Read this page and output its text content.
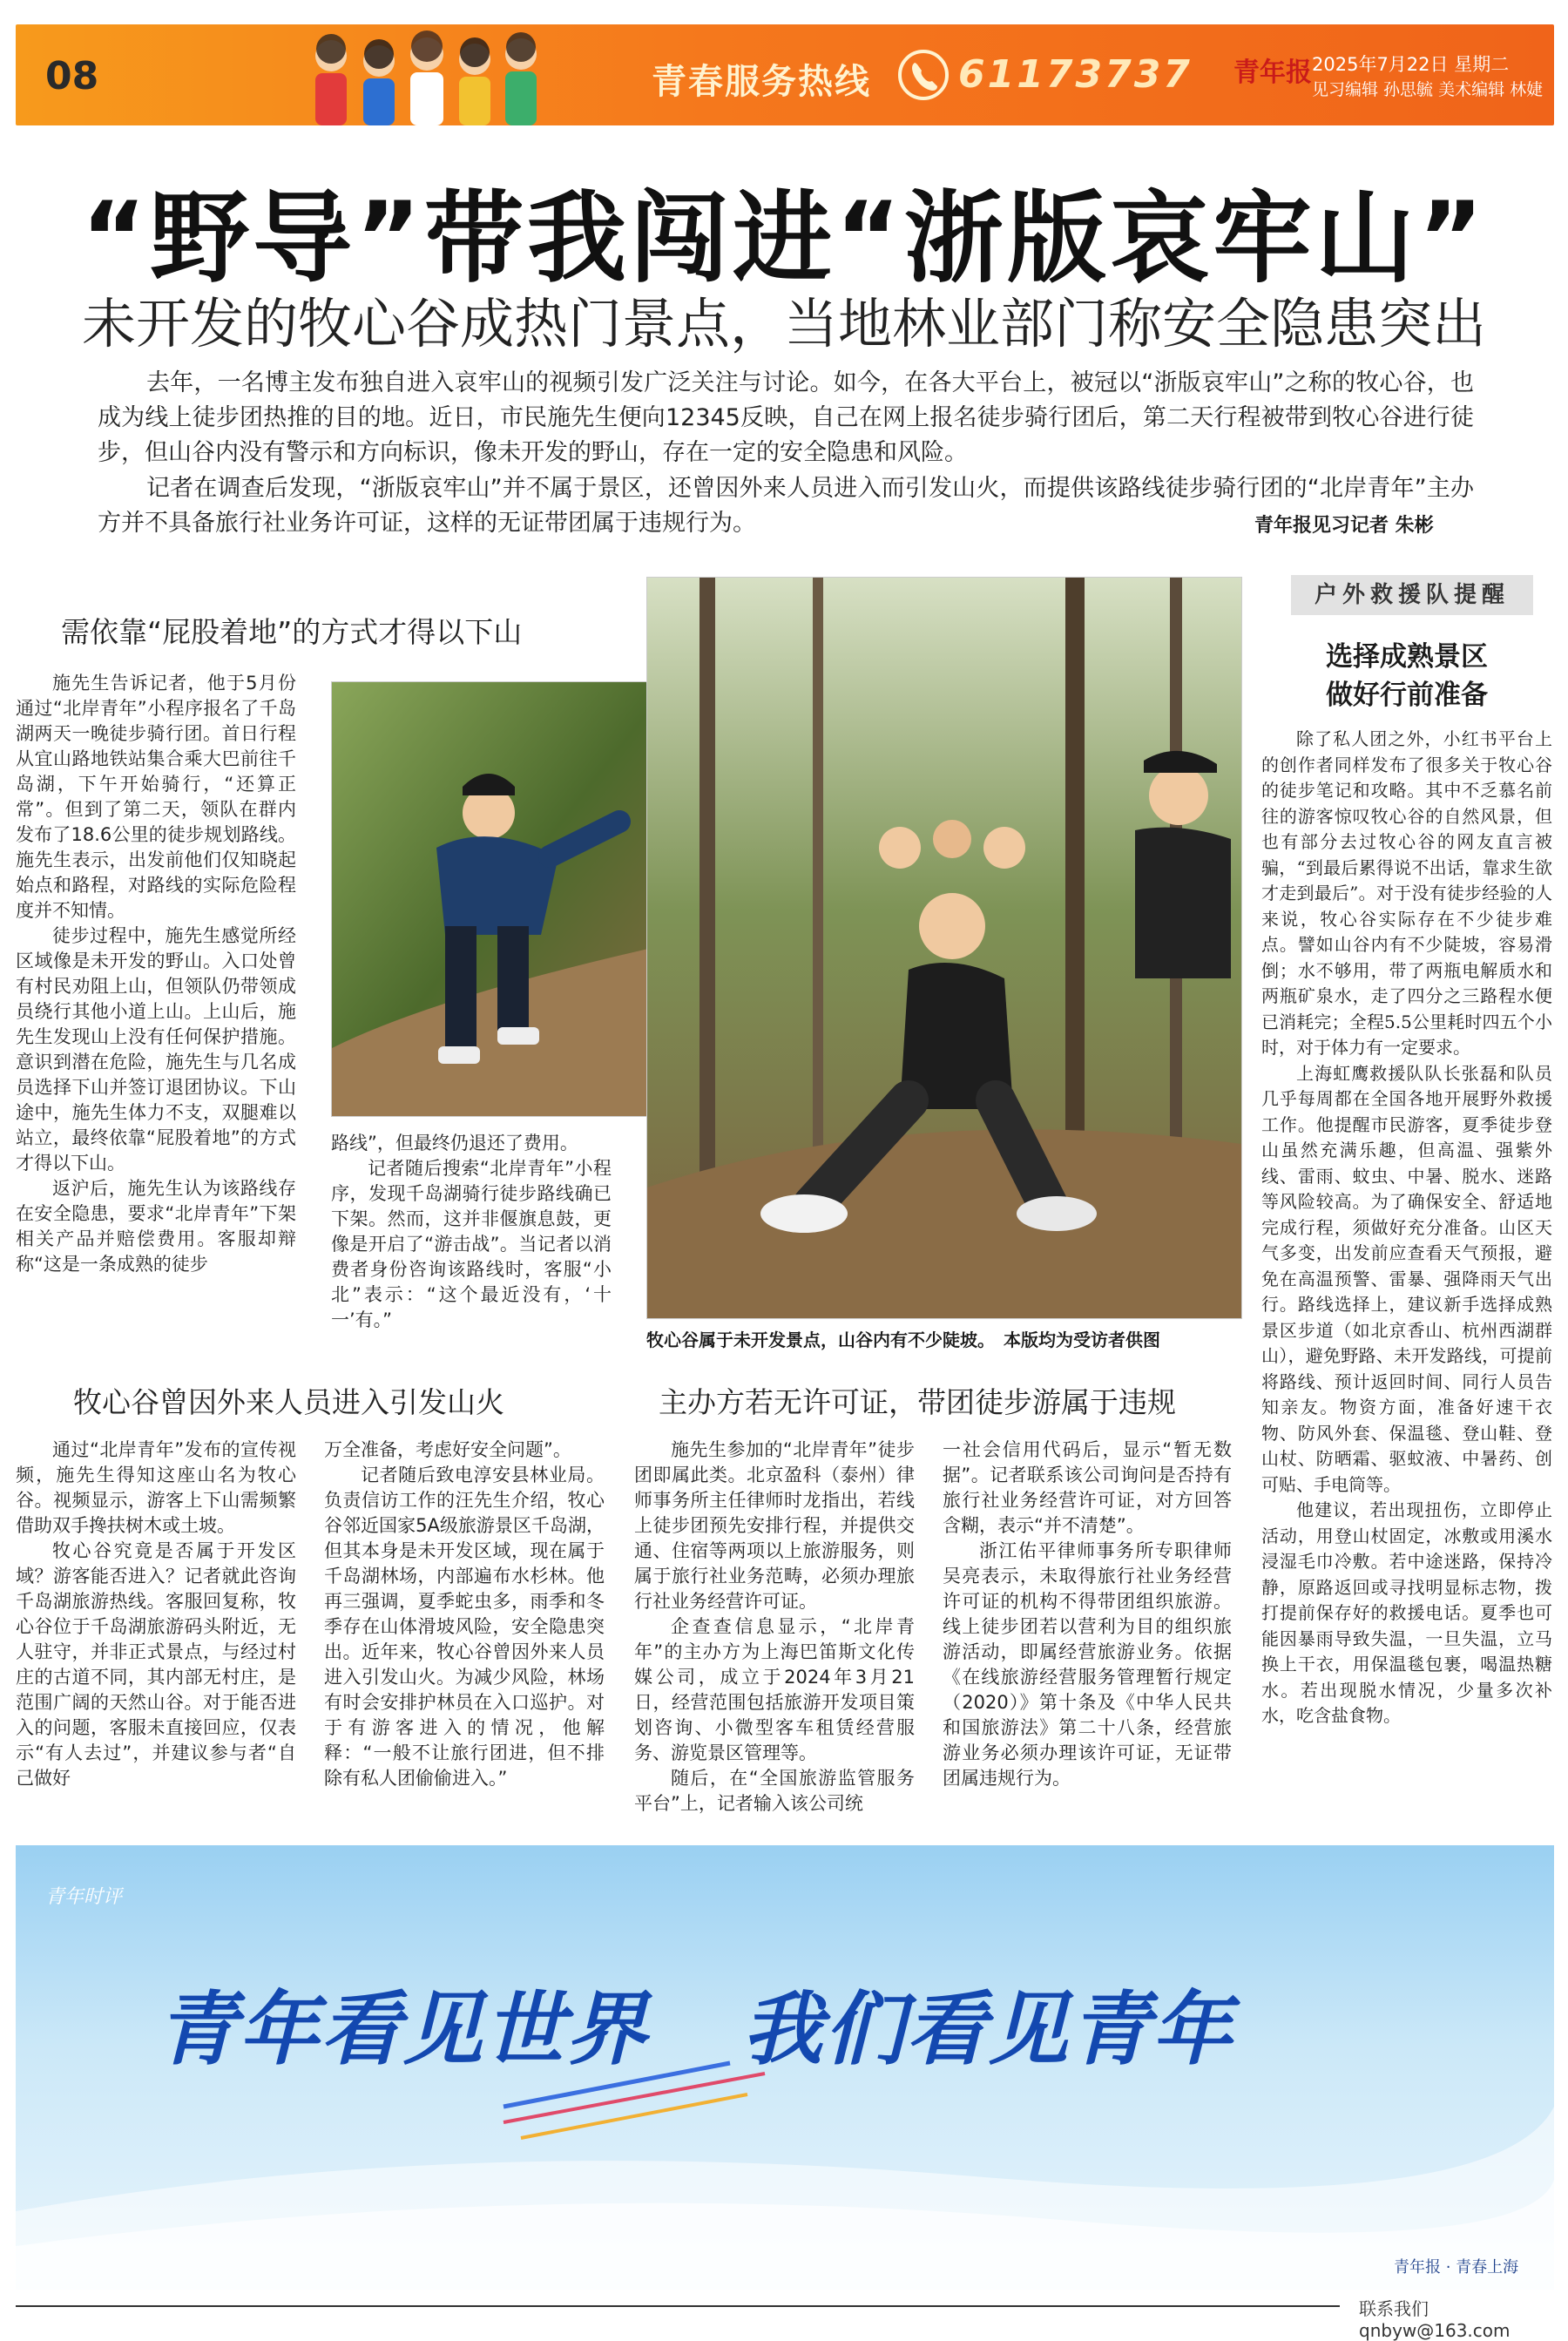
08	青春服务热线 61173737 青年报 2025年7月22日 星期二
见习编辑 孙思毓 美术编辑 林婕
“野导”带我闯进“浙版哀牢山”
未开发的牧心谷成热门景点，当地林业部门称安全隐患突出
去年，一名博主发布独自进入哀牢山的视频引发广泛关注与讨论。如今，在各大平台上，被冠以“浙版哀牢山”之称的牧心谷，也成为线上徒步团热推的目的地。近日，市民施先生便向12345反映，自己在网上报名徒步骑行团后，第二天行程被带到牧心谷进行徒步，但山谷内没有警示和方向标识，像未开发的野山，存在一定的安全隐患和风险。
记者在调查后发现，“浙版哀牢山”并不属于景区，还曾因外来人员进入而引发山火，而提供该路线徒步骑行团的“北岸青年”主办方并不具备旅行社业务许可证，这样的无证带团属于违规行为。	青年报见习记者 朱彬
需依靠“屁股着地”的方式才得以下山

施先生告诉记者，他于5月份通过“北岸青年”小程序报名了千岛湖两天一晚徒步骑行团。首日行程从宜山路地铁站集合乘大巴前往千岛湖，下午开始骑行，“还算正常”。但到了第二天，领队在群内发布了18.6公里的徒步规划路线。施先生表示，出发前他们仅知晓起始点和路程，对路线的实际危险程度并不知情。

徒步过程中，施先生感觉所经区域像是未开发的野山。入口处曾有村民劝阻上山，但领队仍带领成员绕行其他小道上山。上山后，施先生发现山上没有任何保护措施。意识到潜在危险，施先生与几名成员选择下山并签订退团协议。下山途中，施先生体力不支，双腿难以站立，最终依靠“屁股着地”的方式才得以下山。

返沪后，施先生认为该路线存在安全隐患，要求“北岸青年”下架相关产品并赔偿费用。客服却辩称“这是一条成熟的徒步

路线”，但最终仍退还了费用。

记者随后搜索“北岸青年”小程序，发现千岛湖骑行徒步路线确已下架。然而，这并非偃旗息鼓，更像是开启了“游击战”。当记者以消费者身份咨询该路线时，客服“小北”表示：“这个最近没有，‘十一’有。”

牧心谷属于未开发景点，山谷内有不少陡坡。　本版均为受访者供图
牧心谷曾因外来人员进入引发山火

通过“北岸青年”发布的宣传视频，施先生得知这座山名为牧心谷。视频显示，游客上下山需频繁借助双手搀扶树木或土坡。

牧心谷究竟是否属于开发区域？游客能否进入？记者就此咨询千岛湖旅游热线。客服回复称，牧心谷位于千岛湖旅游码头附近，无人驻守，并非正式景点，与经过村庄的古道不同，其内部无村庄，是范围广阔的天然山谷。对于能否进入的问题，客服未直接回应，仅表示“有人去过”，并建议参与者“自己做好

万全准备，考虑好安全问题”。

记者随后致电淳安县林业局。负责信访工作的汪先生介绍，牧心谷邻近国家5A级旅游景区千岛湖，但其本身是未开发区域，现在属于千岛湖林场，内部遍布水杉林。他再三强调，夏季蛇虫多，雨季和冬季存在山体滑坡风险，安全隐患突出。近年来，牧心谷曾因外来人员进入引发山火。为减少风险，林场有时会安排护林员在入口巡护。对于有游客进入的情况，他解释：“一般不让旅行团进，但不排除有私人团偷偷进入。”

主办方若无许可证，带团徒步游属于违规

施先生参加的“北岸青年”徒步团即属此类。北京盈科（泰州）律师事务所主任律师时龙指出，若线上徒步团预先安排行程，并提供交通、住宿等两项以上旅游服务，则属于旅行社业务范畴，必须办理旅行社业务经营许可证。

企查查信息显示，“北岸青年”的主办方为上海巴笛斯文化传媒公司，成立于2024年3月21日，经营范围包括旅游开发项目策划咨询、小微型客车租赁经营服务、游览景区管理等。

随后，在“全国旅游监管服务平台”上，记者输入该公司统

一社会信用代码后，显示“暂无数据”。记者联系该公司询问是否持有旅行社业务经营许可证，对方回答含糊，表示“并不清楚”。

浙江佑平律师事务所专职律师吴亮表示，未取得旅行社业务经营许可证的机构不得带团组织旅游。线上徒步团若以营利为目的组织旅游活动，即属经营旅游业务。依据《在线旅游经营服务管理暂行规定（2020）》第十条及《中华人民共和国旅游法》第二十八条，经营旅游业务必须办理该许可证，无证带团属违规行为。

户外救援队提醒
选择成熟景区
做好行前准备

除了私人团之外，小红书平台上的创作者同样发布了很多关于牧心谷的徒步笔记和攻略。其中不乏慕名前往的游客惊叹牧心谷的自然风景，但也有部分去过牧心谷的网友直言被骗，“到最后累得说不出话，靠求生欲才走到最后”。对于没有徒步经验的人来说，牧心谷实际存在不少徒步难点。譬如山谷内有不少陡坡，容易滑倒；水不够用，带了两瓶电解质水和两瓶矿泉水，走了四分之三路程水便已消耗完；全程5.5公里耗时四五个小时，对于体力有一定要求。

上海虹鹰救援队队长张磊和队员几乎每周都在全国各地开展野外救援工作。他提醒市民游客，夏季徒步登山虽然充满乐趣，但高温、强紫外线、雷雨、蚊虫、中暑、脱水、迷路等风险较高。为了确保安全、舒适地完成行程，须做好充分准备。山区天气多变，出发前应查看天气预报，避免在高温预警、雷暴、强降雨天气出行。路线选择上，建议新手选择成熟景区步道（如北京香山、杭州西湖群山），避免野路、未开发路线，可提前将路线、预计返回时间、同行人员告知亲友。物资方面，准备好速干衣物、防风外套、保温毯、登山鞋、登山杖、防晒霜、驱蚊液、中暑药、创可贴、手电筒等。

他建议，若出现扭伤，立即停止活动，用登山杖固定，冰敷或用溪水浸湿毛巾冷敷。若中途迷路，保持冷静，原路返回或寻找明显标志物，拨打提前保存好的救援电话。夏季也可能因暴雨导致失温，一旦失温，立马换上干衣，用保温毯包裹，喝温热糖水。若出现脱水情况，少量多次补水，吃含盐食物。

青年时评
青年看见世界 我们看见青年
青年报 · 青春上海
联系我们 qnbyw@163.com
